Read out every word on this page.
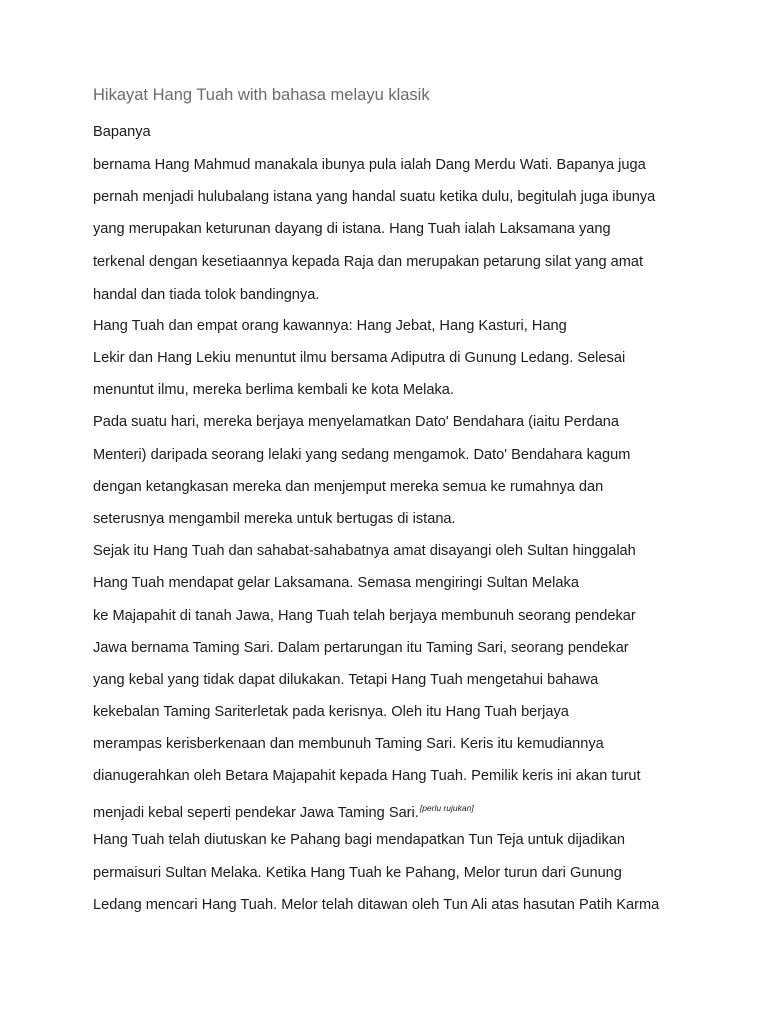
Hikayat Hang Tuah with bahasa melayu klasik
Bapanya
bernama Hang Mahmud manakala ibunya pula ialah Dang Merdu Wati. Bapanya juga
pernah menjadi hulubalang istana yang handal suatu ketika dulu, begitulah juga ibunya
yang merupakan keturunan dayang di istana. Hang Tuah ialah Laksamana yang
terkenal dengan kesetiaannya kepada Raja dan merupakan petarung silat yang amat
handal dan tiada tolok bandingnya.
Hang Tuah dan empat orang kawannya: Hang Jebat, Hang Kasturi, Hang
Lekir dan Hang Lekiu menuntut ilmu bersama Adiputra di Gunung Ledang. Selesai
menuntut ilmu, mereka berlima kembali ke kota Melaka.
Pada suatu hari, mereka berjaya menyelamatkan Dato' Bendahara (iaitu Perdana
Menteri) daripada seorang lelaki yang sedang mengamok. Dato' Bendahara kagum
dengan ketangkasan mereka dan menjemput mereka semua ke rumahnya dan
seterusnya mengambil mereka untuk bertugas di istana.
Sejak itu Hang Tuah dan sahabat-sahabatnya amat disayangi oleh Sultan hinggalah
Hang Tuah mendapat gelar Laksamana. Semasa mengiringi Sultan Melaka
ke Majapahit di tanah Jawa, Hang Tuah telah berjaya membunuh seorang pendekar
Jawa bernama Taming Sari. Dalam pertarungan itu Taming Sari, seorang pendekar
yang kebal yang tidak dapat dilukakan. Tetapi Hang Tuah mengetahui bahawa
kekebalan Taming Sariterletak pada kerisnya. Oleh itu Hang Tuah berjaya
merampas kerisberkenaan dan membunuh Taming Sari. Keris itu kemudiannya
dianugerahkan oleh Betara Majapahit kepada Hang Tuah. Pemilik keris ini akan turut
menjadi kebal seperti pendekar Jawa Taming Sari.[perlu rujukan]
Hang Tuah telah diutuskan ke Pahang bagi mendapatkan Tun Teja untuk dijadikan
permaisuri Sultan Melaka. Ketika Hang Tuah ke Pahang, Melor turun dari Gunung
Ledang mencari Hang Tuah. Melor telah ditawan oleh Tun Ali atas hasutan Patih Karma
